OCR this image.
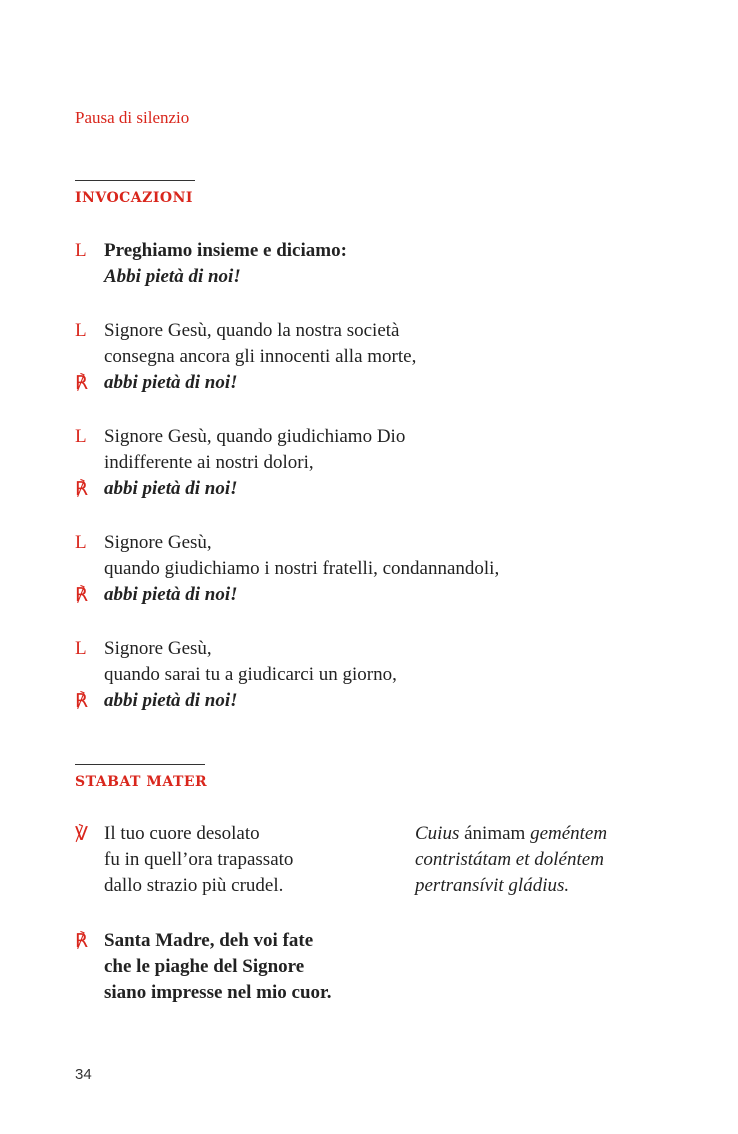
Pausa di silenzio
INVOCAZIONI
L Preghiamo insieme e diciamo:
Abbi pietà di noi!
L Signore Gesù, quando la nostra società
consegna ancora gli innocenti alla morte,
℟ abbi pietà di noi!
L Signore Gesù, quando giudichiamo Dio
indifferente ai nostri dolori,
℟ abbi pietà di noi!
L Signore Gesù,
quando giudichiamo i nostri fratelli, condannandoli,
℟ abbi pietà di noi!
L Signore Gesù,
quando sarai tu a giudicarci un giorno,
℟ abbi pietà di noi!
STABAT MATER
℣ Il tuo cuore desolato
fu in quell’ora trapassato
dallo strazio più crudel.
Cuius ánimam geméntem
contristátam et doléntem
pertransívit gládius.
℟ Santa Madre, deh voi fate
che le piaghe del Signore
siano impresse nel mio cuor.
34
